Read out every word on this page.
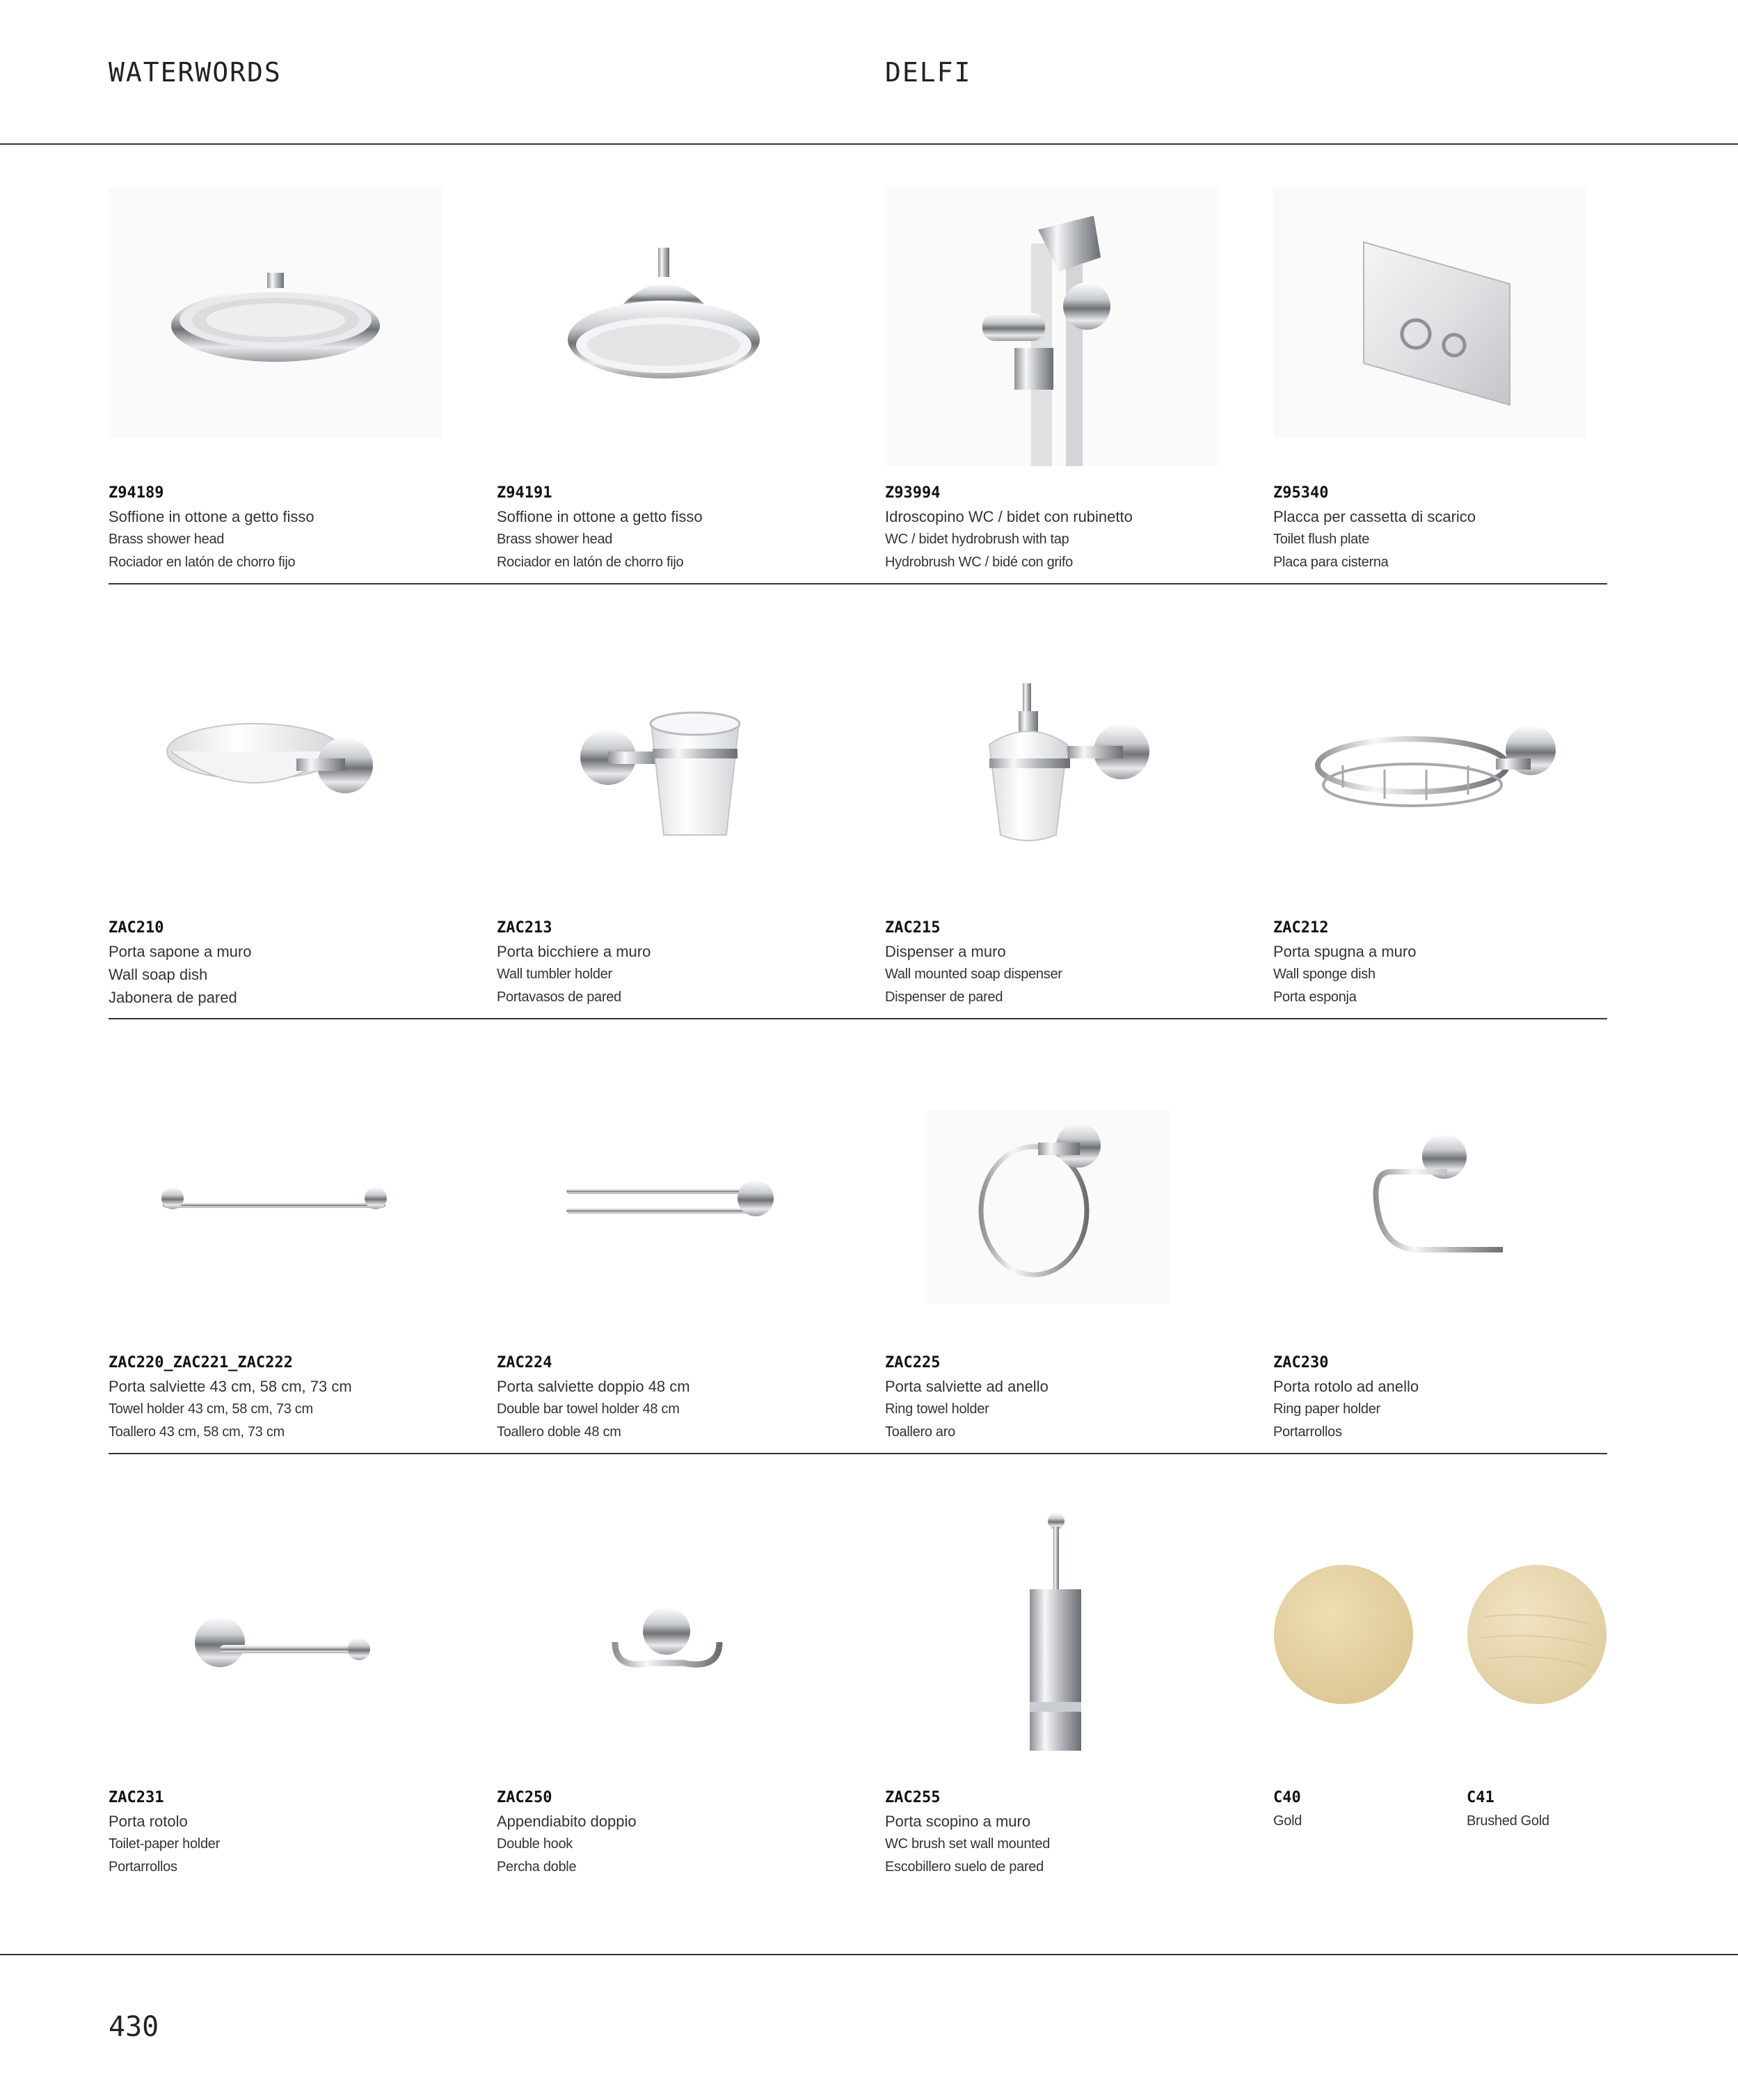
WATERWORDS	DELFI
Z94189
Soffione in ottone a getto fisso
Brass shower head
Rociador en latón de chorro fijo
Z94191
Soffione in ottone a getto fisso
Brass shower head
Rociador en latón de chorro fijo
Z93994
Idroscopino WC / bidet con rubinetto
WC / bidet hydrobrush with tap
Hydrobrush WC / bidé con grifo
Z95340
Placca per cassetta di scarico
Toilet flush plate
Placa para cisterna
ZAC210
Porta sapone a muro
Wall soap dish
Jabonera de pared
ZAC213
Porta bicchiere a muro
Wall tumbler holder
Portavasos de pared
ZAC215
Dispenser a muro
Wall mounted soap dispenser
Dispenser de pared
ZAC212
Porta spugna a muro
Wall sponge dish
Porta esponja
ZAC220_ZAC221_ZAC222
Porta salviette 43 cm, 58 cm, 73 cm
Towel holder 43 cm, 58 cm, 73 cm
Toallero 43 cm, 58 cm, 73 cm
ZAC224
Porta salviette doppio 48 cm
Double bar towel holder 48 cm
Toallero doble 48 cm
ZAC225
Porta salviette ad anello
Ring towel holder
Toallero aro
ZAC230
Porta rotolo ad anello
Ring paper holder
Portarrollos
ZAC231
Porta rotolo
Toilet-paper holder
Portarrollos
ZAC250
Appendiabito doppio
Double hook
Percha doble
ZAC255
Porta scopino a muro
WC brush set wall mounted
Escobillero suelo de pared
C40
Gold
C41
Brushed Gold
430
